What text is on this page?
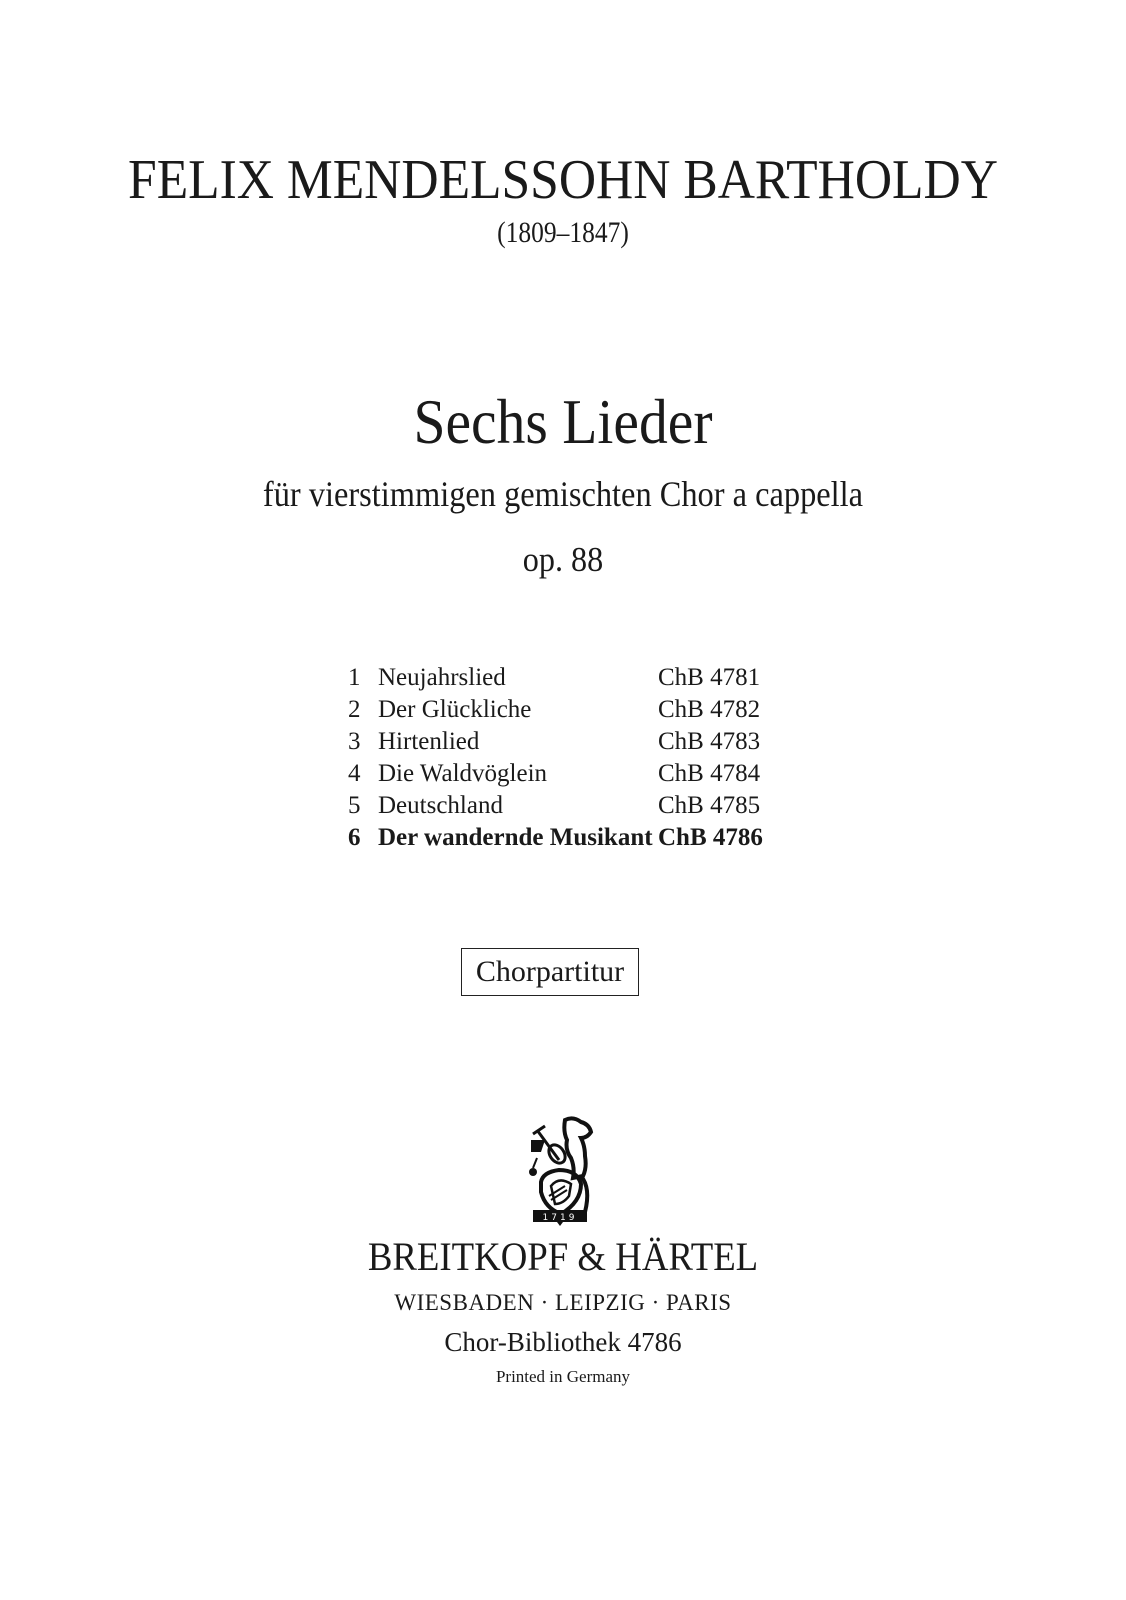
FELIX MENDELSSOHN BARTHOLDY
(1809–1847)
Sechs Lieder
für vierstimmigen gemischten Chor a cappella
op. 88
1 Neujahrslied	ChB 4781
2 Der Glückliche	ChB 4782
3 Hirtenlied	ChB 4783
4 Die Waldvöglein	ChB 4784
5 Deutschland	ChB 4785
6 Der wandernde Musikant ChB 4786
Chorpartitur
1719
BREITKOPF & HÄRTEL
WIESBADEN · LEIPZIG · PARIS
Chor-Bibliothek 4786
Printed in Germany
